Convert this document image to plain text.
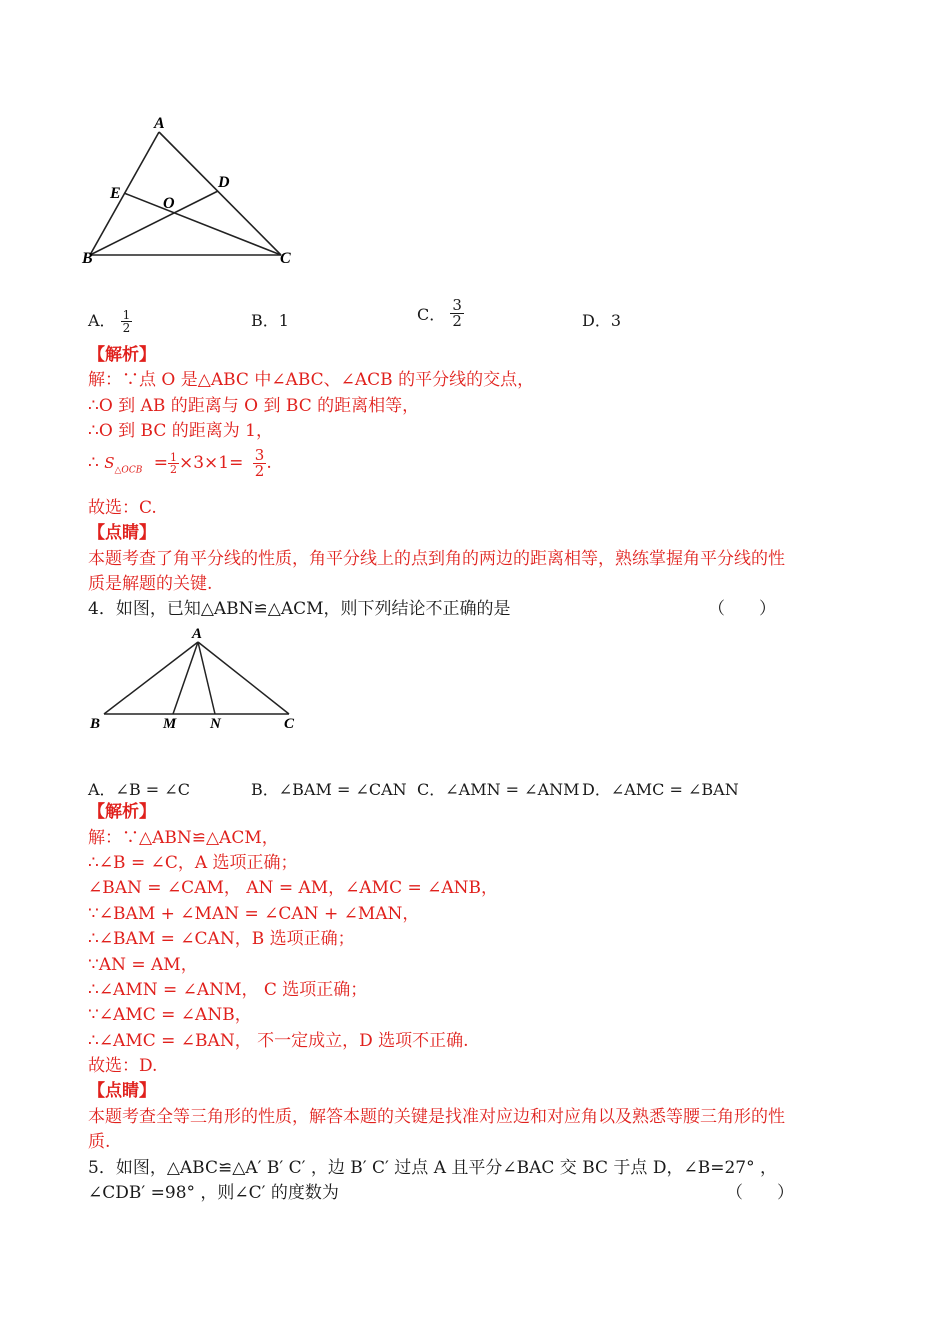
A
E
D
O
B	C
A． $\frac{1}{2}$	B．1	C． $\frac{3}{2}$	D．3
【解析】
解：∵点 O 是△ABC 中∠ABC、∠ACB 的平分线的交点，
∴O 到 AB 的距离与 O 到 BC 的距离相等，
∴O 到 BC 的距离为 1，
∴ $S_{\triangle OCB} = \frac{1}{2} \times 3\times 1= \frac{3}{2}$ .
故选：C.
【点睛】
本题考查了角平分线的性质，角平分线上的点到角的两边的距离相等，熟练掌握角平分线的性
质是解题的关键.
4．如图，已知△ABN≌△ACM，则下列结论不正确的是	（　　）
A
B	M N	C
A．∠B = ∠C	B．∠BAM = ∠CAN C．∠AMN = ∠ANM D．∠AMC = ∠BAN
【解析】
解：∵△ABN≌△ACM，
∴∠B = ∠C，A 选项正确；
∠BAN = ∠CAM， AN = AM，∠AMC = ∠ANB，
∵∠BAM + ∠MAN = ∠CAN + ∠MAN，
∴∠BAM = ∠CAN，B 选项正确；
∵AN = AM，
∴∠AMN = ∠ANM， C 选项正确；
∵∠AMC = ∠ANB，
∴∠AMC = ∠BAN， 不一定成立，D 选项不正确.
故选：D.
【点睛】
本题考查全等三角形的性质，解答本题的关键是找准对应边和对应角以及熟悉等腰三角形的性
质.
5．如图，△ABC≌△A′ B′ C′ ，边 B′ C′ 过点 A 且平分∠BAC 交 BC 于点 D，∠B=27° ，
∠CDB′ =98° ，则∠C′ 的度数为	（　　）
